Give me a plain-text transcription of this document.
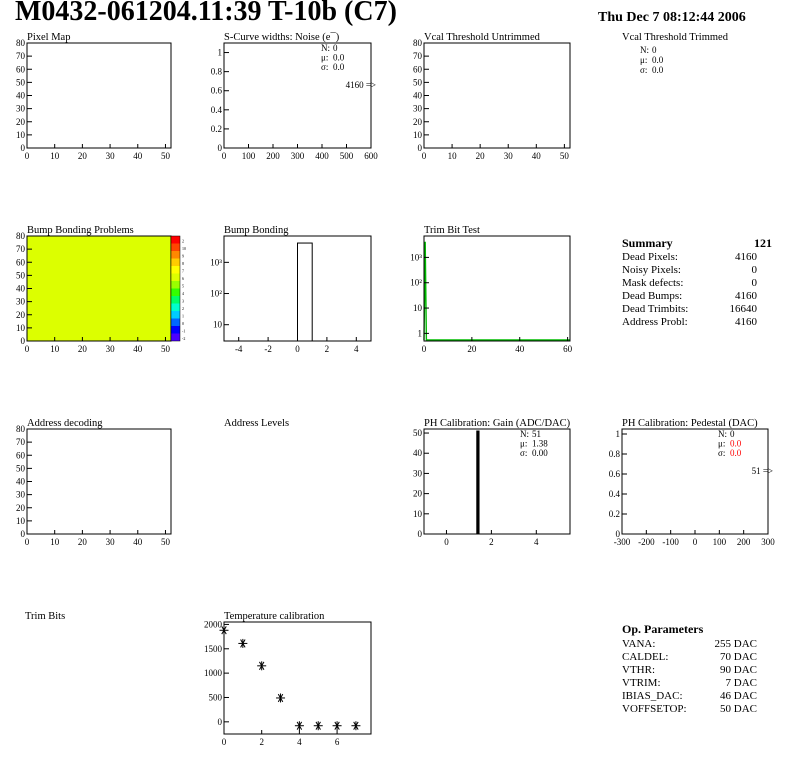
M0432-061204.11:39 T-10b (C7)	Thu Dec 7 08:12:44 2006
Pixel Map
0 10 20 30 40 50
0
10
20
30
40
50
60
70
80	S-Curve widths: Noise (e¯)
0 100 200 300 400 500 600
0
0.2
0.4
0.6
0.8
1	N: 0
μ: 0.0
σ: 0.0
4160 =>
Vcal Threshold Untrimmed
0 10 20 30 40 50
0
10
20
30
40
50
60
70
80	Vcal Threshold Trimmed
N: 0
μ: 0.0
σ: 0.0
Bump Bonding Problems
0 10 20 30 40 50
0
10
20
30
40
50
60
70
80
-2
-1
0
1
2
3
4
5
6
7
8
9
10
2
Bump Bonding
-4 -2	0	2	4
10
10²
10³
Trim Bit Test
0	20	40	60
1
10
10²
10³
Address decoding
0 10 20 30 40 50
0
10
20
30
40
50
60
70
80	Address Levels	PH Calibration: Gain (ADC/DAC)
0	2	4
0
10
20
30
40
50	N: 51
μ: 1.38
σ: 0.00
PH Calibration: Pedestal (DAC)
-300 -200 -100 0 100 200 300
0
0.2
0.4
0.6
0.8
1	N: 0
μ: 0.0
σ: 0.0
51 =>
Trim Bits	Temperature calibration
0	2	4	6
0
500
1000
1500
2000
Summary	121
Dead Pixels:	4160
Noisy Pixels:	0
Mask defects:	0
Dead Bumps:	4160
Dead Trimbits:	16640
Address Probl:	4160
Op. Parameters
VANA:	255 DAC
CALDEL:	70 DAC
VTHR:	90 DAC
VTRIM:	7 DAC
IBIAS_DAC:	46 DAC
VOFFSETOP:	50 DAC
